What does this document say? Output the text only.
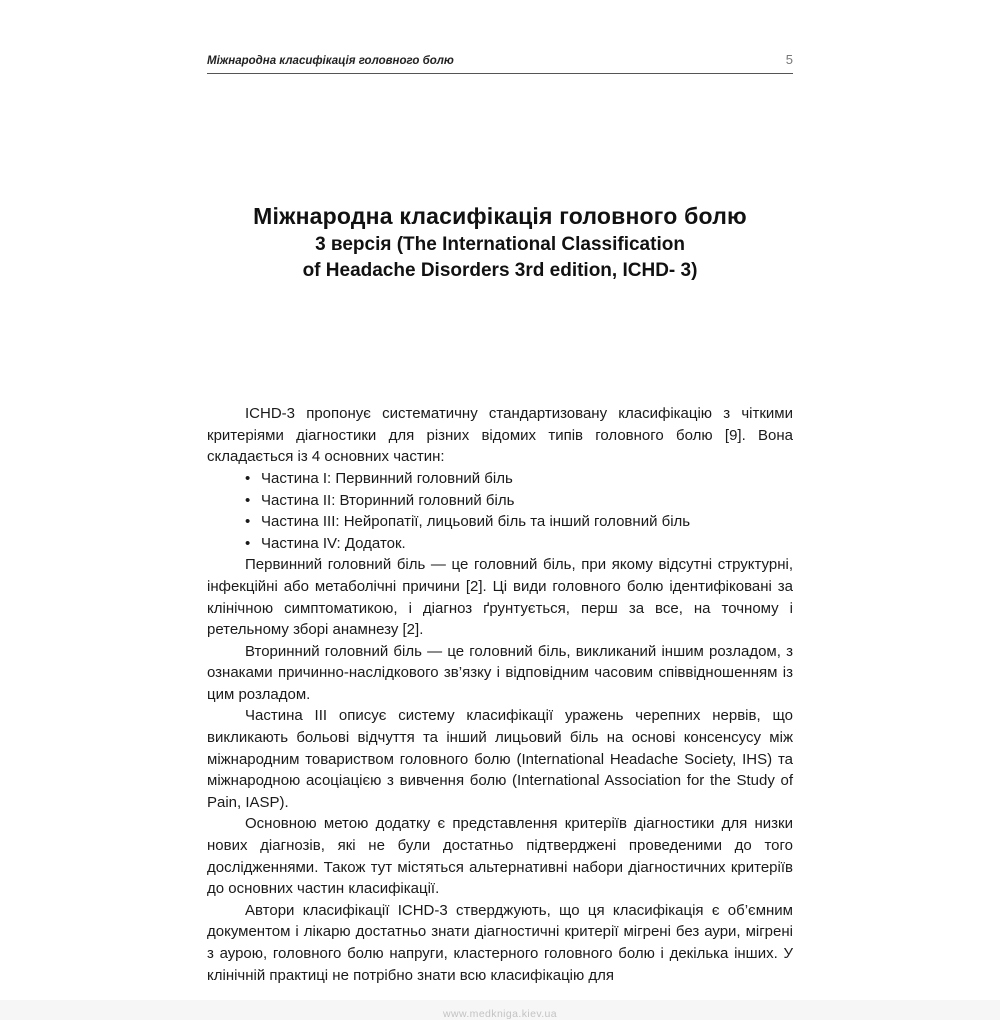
Міжнародна класифікація головного болю	5
Міжнародна класифікація головного болю
3 версія (The International Classification
of Headache Disorders 3rd edition, ICHD- 3)

ICHD-3 пропонує систематичну стандартизовану класифікацію з чіткими критеріями діагностики для різних відомих типів головного болю [9]. Вона складається із 4 основних частин:

• Частина I: Первинний головний біль
• Частина II: Вторинний головний біль
• Частина III: Нейропатії, лицьовий біль та інший головний біль
• Частина IV: Додаток.

Первинний головний біль — це головний біль, при якому відсутні структурні, інфекційні або метаболічні причини [2]. Ці види головного болю ідентифіковані за клінічною симптоматикою, і діагноз ґрунтується, перш за все, на точному і ретельному зборі анамнезу [2].

Вторинний головний біль — це головний біль, викликаний іншим розладом, з ознаками причинно-наслідкового зв’язку і відповідним часовим співвідношенням із цим розладом.

Частина III описує систему класифікації уражень черепних нервів, що викликають больові відчуття та інший лицьовий біль на основі консенсусу між міжнародним товариством головного болю (International Headache Society, IHS) та міжнародною асоціацією з вивчення болю (International Association for the Study of Pain, IASP).

Основною метою додатку є представлення критеріїв діагностики для низки нових діагнозів, які не були достатньо підтверджені проведеними до того дослідженнями. Також тут містяться альтернативні набори діагностичних критеріїв до основних частин класифікації.

Автори класифікації ICHD-3 стверджують, що ця класифікація є об’ємним документом і лікарю достатньо знати діагностичні критерії мігрені без аури, мігрені з аурою, головного болю напруги, кластерного головного болю і декілька інших. У клінічній практиці не потрібно знати всю класифікацію для

www.medkniga.kiev.ua
